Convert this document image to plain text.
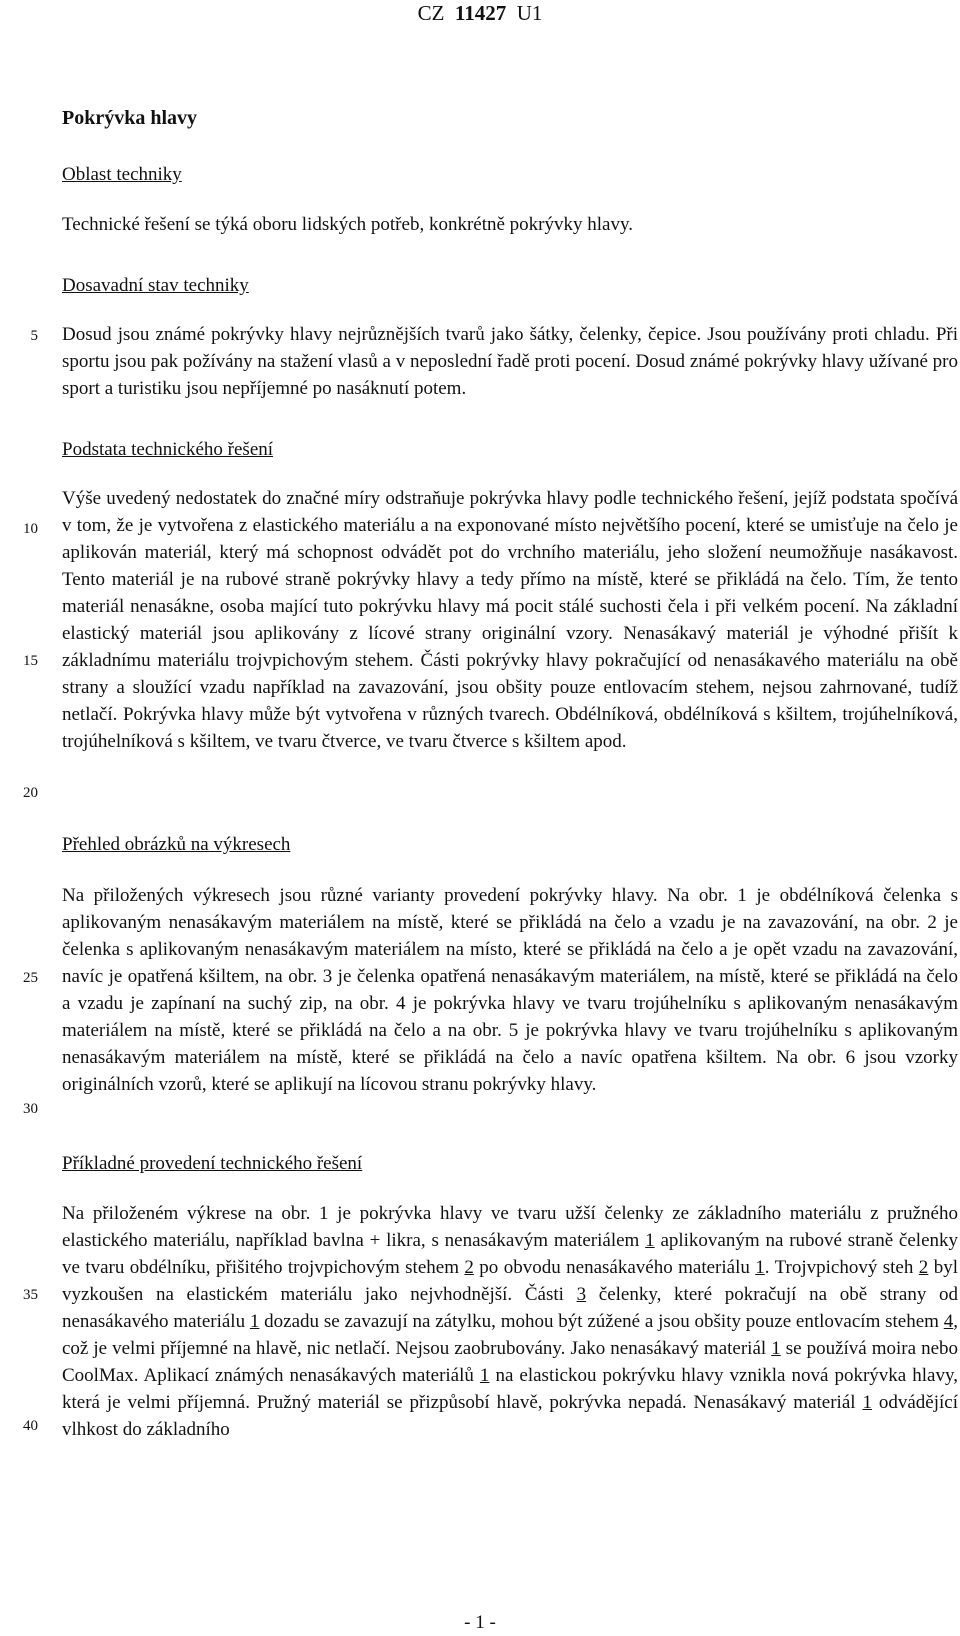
CZ 11427 U1
Pokrývka hlavy
Oblast techniky
Technické řešení se týká oboru lidských potřeb, konkrétně pokrývky hlavy.
Dosavadní stav techniky
Dosud jsou známé pokrývky hlavy nejrůznějších tvarů jako šátky, čelenky, čepice. Jsou používány proti chladu. Při sportu jsou pak požívány na stažení vlasů a v neposlední řadě proti pocení. Dosud známé pokrývky hlavy užívané pro sport a turistiku jsou nepříjemné po nasáknutí potem.
Podstata technického řešení
Výše uvedený nedostatek do značné míry odstraňuje pokrývka hlavy podle technického řešení, jejíž podstata spočívá v tom, že je vytvořena z elastického materiálu a na exponované místo největšího pocení, které se umisťuje na čelo je aplikován materiál, který má schopnost odvádět pot do vrchního materiálu, jeho složení neumožňuje nasákavost. Tento materiál je na rubové straně pokrývky hlavy a tedy přímo na místě, které se přikládá na čelo. Tím, že tento materiál nenasákne, osoba mající tuto pokrývku hlavy má pocit stálé suchosti čela i při velkém pocení. Na základní elastický materiál jsou aplikovány z lícové strany originální vzory. Nenasákavý materiál je výhodné přišít k základnímu materiálu trojvpichovým stehem. Části pokrývky hlavy pokračující od nenasákavého materiálu na obě strany a sloužící vzadu například na zavazování, jsou obšity pouze entlovacím stehem, nejsou zahrnované, tudíž netlačí. Pokrývka hlavy může být vytvořena v různých tvarech. Obdélníková, obdélníková s kšiltem, trojúhelníková, trojúhelníková s kšiltem, ve tvaru čtverce, ve tvaru čtverce s kšiltem apod.
Přehled obrázků na výkresech
Na přiložených výkresech jsou různé varianty provedení pokrývky hlavy. Na obr. 1 je obdélníková čelenka s aplikovaným nenasákavým materiálem na místě, které se přikládá na čelo a vzadu je na zavazování, na obr. 2 je čelenka s aplikovaným nenasákavým materiálem na místo, které se přikládá na čelo a je opět vzadu na zavazování, navíc je opatřená kšiltem, na obr. 3 je čelenka opatřená nenasákavým materiálem, na místě, které se přikládá na čelo a vzadu je zapínaní na suchý zip, na obr. 4 je pokrývka hlavy ve tvaru trojúhelníku s aplikovaným nenasákavým materiálem na místě, které se přikládá na čelo a na obr. 5 je pokrývka hlavy ve tvaru trojúhelníku s aplikovaným nenasákavým materiálem na místě, které se přikládá na čelo a navíc opatřena kšiltem. Na obr. 6 jsou vzorky originálních vzorů, které se aplikují na lícovou stranu pokrývky hlavy.
Příkladné provedení technického řešení
Na přiloženém výkrese na obr. 1 je pokrývka hlavy ve tvaru užší čelenky ze základního materiálu z pružného elastického materiálu, například bavlna + likra, s nenasákavým materiálem 1 aplikovaným na rubové straně čelenky ve tvaru obdélníku, přišitého trojvpichovým stehem 2 po obvodu nenasákavého materiálu 1. Trojvpichový steh 2 byl vyzkoušen na elastickém materiálu jako nejvhodnější. Části 3 čelenky, které pokračují na obě strany od nenasákavého materiálu 1 dozadu se zavazují na zátylku, mohou být zúžené a jsou obšity pouze entlovacím stehem 4, což je velmi příjemné na hlavě, nic netlačí. Nejsou zaobrubovány. Jako nenasákavý materiál 1 se používá moira nebo CoolMax. Aplikací známých nenasákavých materiálů 1 na elastickou pokrývku hlavy vznikla nová pokrývka hlavy, která je velmi příjemná. Pružný materiál se přizpůsobí hlavě, pokrývka nepadá. Nenasákavý materiál 1 odvádějící vlhkost do základního
5
10
15
20
25
30
35
40
- 1 -
